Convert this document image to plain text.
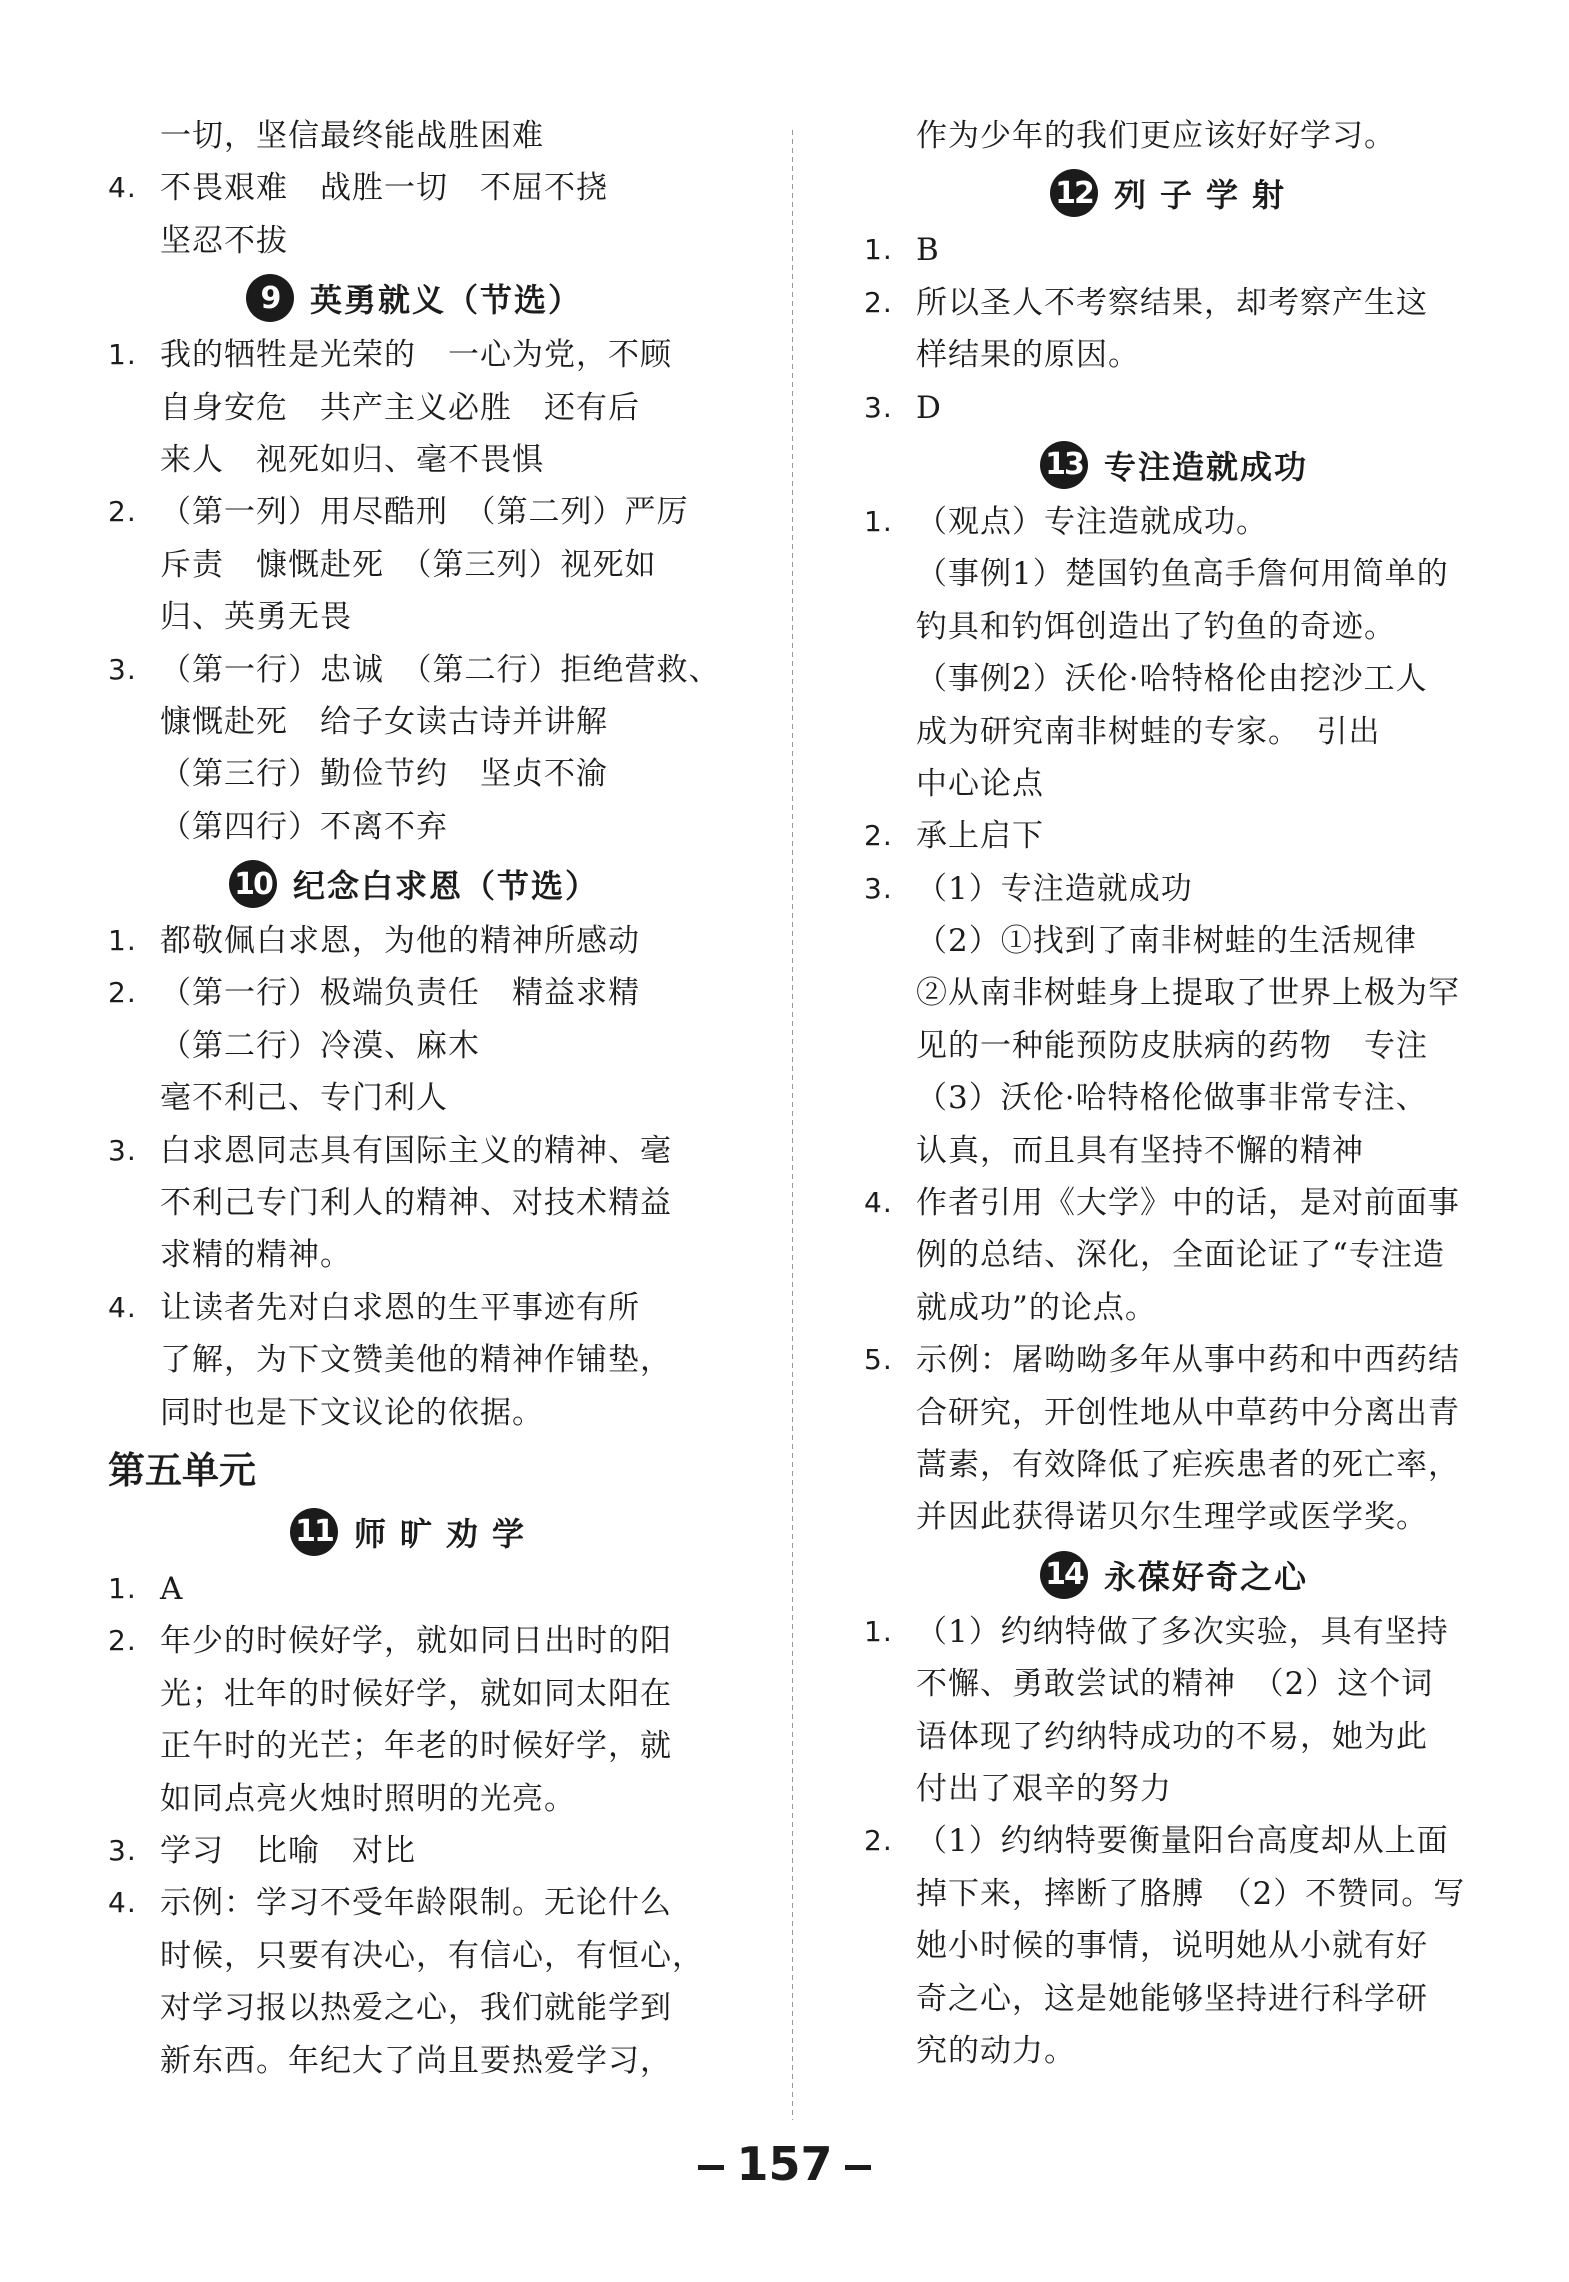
一切，坚信最终能战胜困难
4. 不畏艰难　战胜一切　不屈不挠
坚忍不拔
9 英勇就义（节选）
1. 我的牺牲是光荣的　一心为党，不顾
自身安危　共产主义必胜　还有后
来人　视死如归、毫不畏惧
2. （第一列）用尽酷刑　（第二列）严厉
斥责　慷慨赴死　（第三列）视死如
归、英勇无畏
3. （第一行）忠诚　（第二行）拒绝营救、
慷慨赴死　给子女读古诗并讲解
（第三行）勤俭节约　坚贞不渝
（第四行）不离不弃
10 纪念白求恩（节选）
1. 都敬佩白求恩，为他的精神所感动
2. （第一行）极端负责任　精益求精
（第二行）冷漠、麻木
毫不利己、专门利人
3. 白求恩同志具有国际主义的精神、毫
不利己专门利人的精神、对技术精益
求精的精神。
4. 让读者先对白求恩的生平事迹有所
了解，为下文赞美他的精神作铺垫，
同时也是下文议论的依据。
第五单元
11 师旷劝学
1. A
2. 年少的时候好学，就如同日出时的阳
光；壮年的时候好学，就如同太阳在
正午时的光芒；年老的时候好学，就
如同点亮火烛时照明的光亮。
3. 学习　比喻　对比
4. 示例：学习不受年龄限制。无论什么
时候，只要有决心，有信心，有恒心，
对学习报以热爱之心，我们就能学到
新东西。年纪大了尚且要热爱学习，
作为少年的我们更应该好好学习。
12 列子学射
1. B
2. 所以圣人不考察结果，却考察产生这
样结果的原因。
3. D
13 专注造就成功
1. （观点）专注造就成功。
（事例1）楚国钓鱼高手詹何用简单的
钓具和钓饵创造出了钓鱼的奇迹。
（事例2）沃伦·哈特格伦由挖沙工人
成为研究南非树蛙的专家。　引出
中心论点
2. 承上启下
3. （1）专注造就成功
（2）①找到了南非树蛙的生活规律
②从南非树蛙身上提取了世界上极为罕
见的一种能预防皮肤病的药物　专注
（3）沃伦·哈特格伦做事非常专注、
认真，而且具有坚持不懈的精神
4. 作者引用《大学》中的话，是对前面事
例的总结、深化，全面论证了“专注造
就成功”的论点。
5. 示例：屠呦呦多年从事中药和中西药结
合研究，开创性地从中草药中分离出青
蒿素，有效降低了疟疾患者的死亡率，
并因此获得诺贝尔生理学或医学奖。
14 永葆好奇之心
1. （1）约纳特做了多次实验，具有坚持
不懈、勇敢尝试的精神　（2）这个词
语体现了约纳特成功的不易，她为此
付出了艰辛的努力
2. （1）约纳特要衡量阳台高度却从上面
掉下来，摔断了胳膊　（2）不赞同。写
她小时候的事情，说明她从小就有好
奇之心，这是她能够坚持进行科学研
究的动力。
157
